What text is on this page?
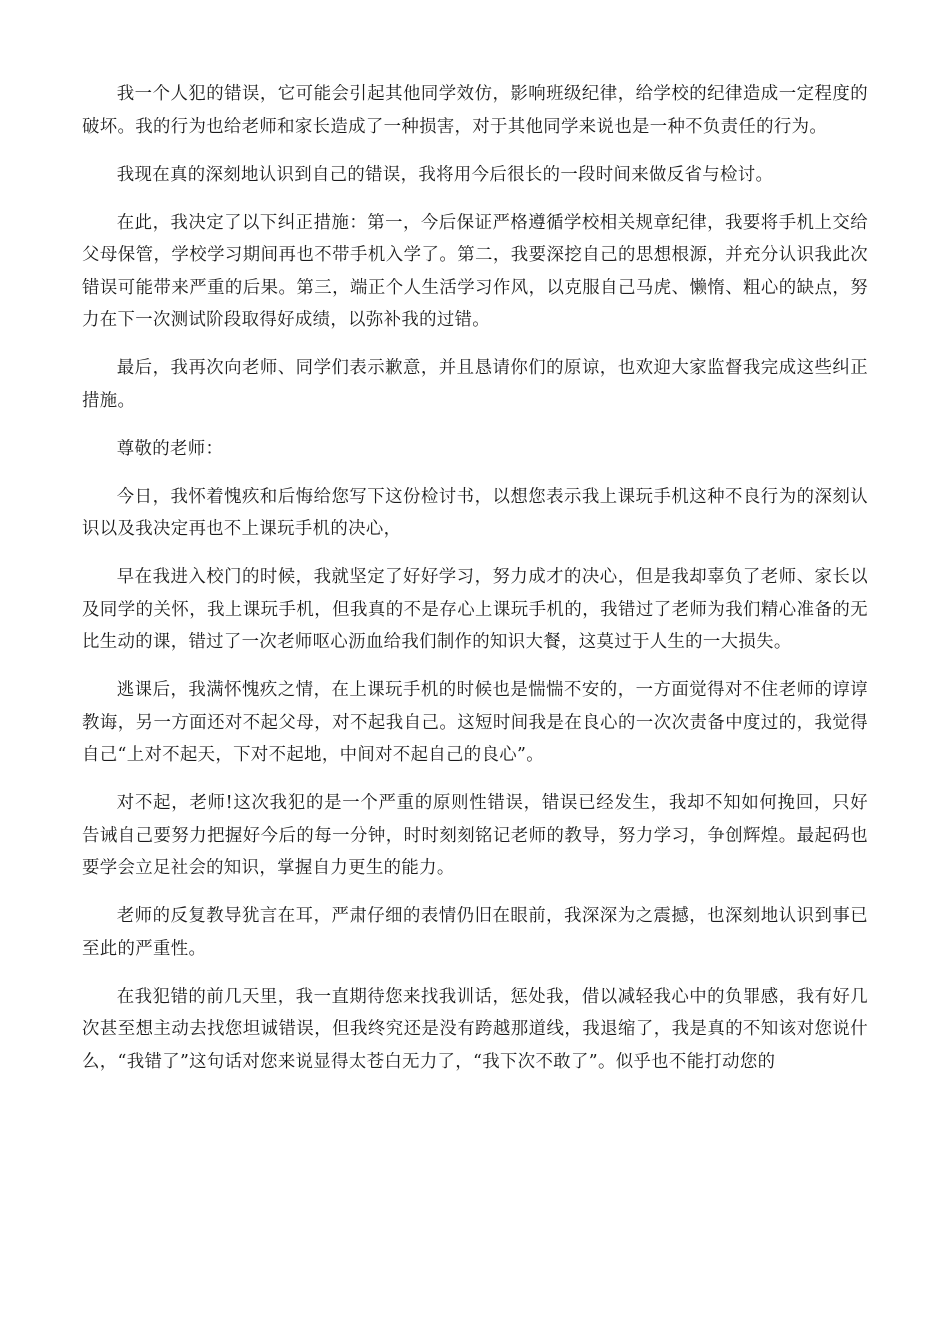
我一个人犯的错误，它可能会引起其他同学效仿，影响班级纪律，给学校的纪律造成一定程度的破坏。我的行为也给老师和家长造成了一种损害，对于其他同学来说也是一种不负责任的行为。

我现在真的深刻地认识到自己的错误，我将用今后很长的一段时间来做反省与检讨。

在此，我决定了以下纠正措施：第一，今后保证严格遵循学校相关规章纪律，我要将手机上交给父母保管，学校学习期间再也不带手机入学了。第二，我要深挖自己的思想根源，并充分认识我此次错误可能带来严重的后果。第三，端正个人生活学习作风，以克服自己马虎、懒惰、粗心的缺点，努力在下一次测试阶段取得好成绩，以弥补我的过错。

最后，我再次向老师、同学们表示歉意，并且恳请你们的原谅，也欢迎大家监督我完成这些纠正措施。

尊敬的老师：

今日，我怀着愧疚和后悔给您写下这份检讨书，以想您表示我上课玩手机这种不良行为的深刻认识以及我决定再也不上课玩手机的决心，

早在我进入校门的时候，我就坚定了好好学习，努力成才的决心，但是我却辜负了老师、家长以及同学的关怀，我上课玩手机，但我真的不是存心上课玩手机的，我错过了老师为我们精心准备的无比生动的课，错过了一次老师呕心沥血给我们制作的知识大餐，这莫过于人生的一大损失。

逃课后，我满怀愧疚之情，在上课玩手机的时候也是惴惴不安的，一方面觉得对不住老师的谆谆教诲，另一方面还对不起父母，对不起我自己。这短时间我是在良心的一次次责备中度过的，我觉得自己“上对不起天，下对不起地，中间对不起自己的良心”。

对不起，老师!这次我犯的是一个严重的原则性错误，错误已经发生，我却不知如何挽回，只好告诫自己要努力把握好今后的每一分钟，时时刻刻铭记老师的教导，努力学习，争创辉煌。最起码也要学会立足社会的知识，掌握自力更生的能力。

老师的反复教导犹言在耳，严肃仔细的表情仍旧在眼前，我深深为之震撼，也深刻地认识到事已至此的严重性。

在我犯错的前几天里，我一直期待您来找我训话，惩处我，借以减轻我心中的负罪感，我有好几次甚至想主动去找您坦诚错误，但我终究还是没有跨越那道线，我退缩了，我是真的不知该对您说什么，“我错了”这句话对您来说显得太苍白无力了，“我下次不敢了”。似乎也不能打动您的
